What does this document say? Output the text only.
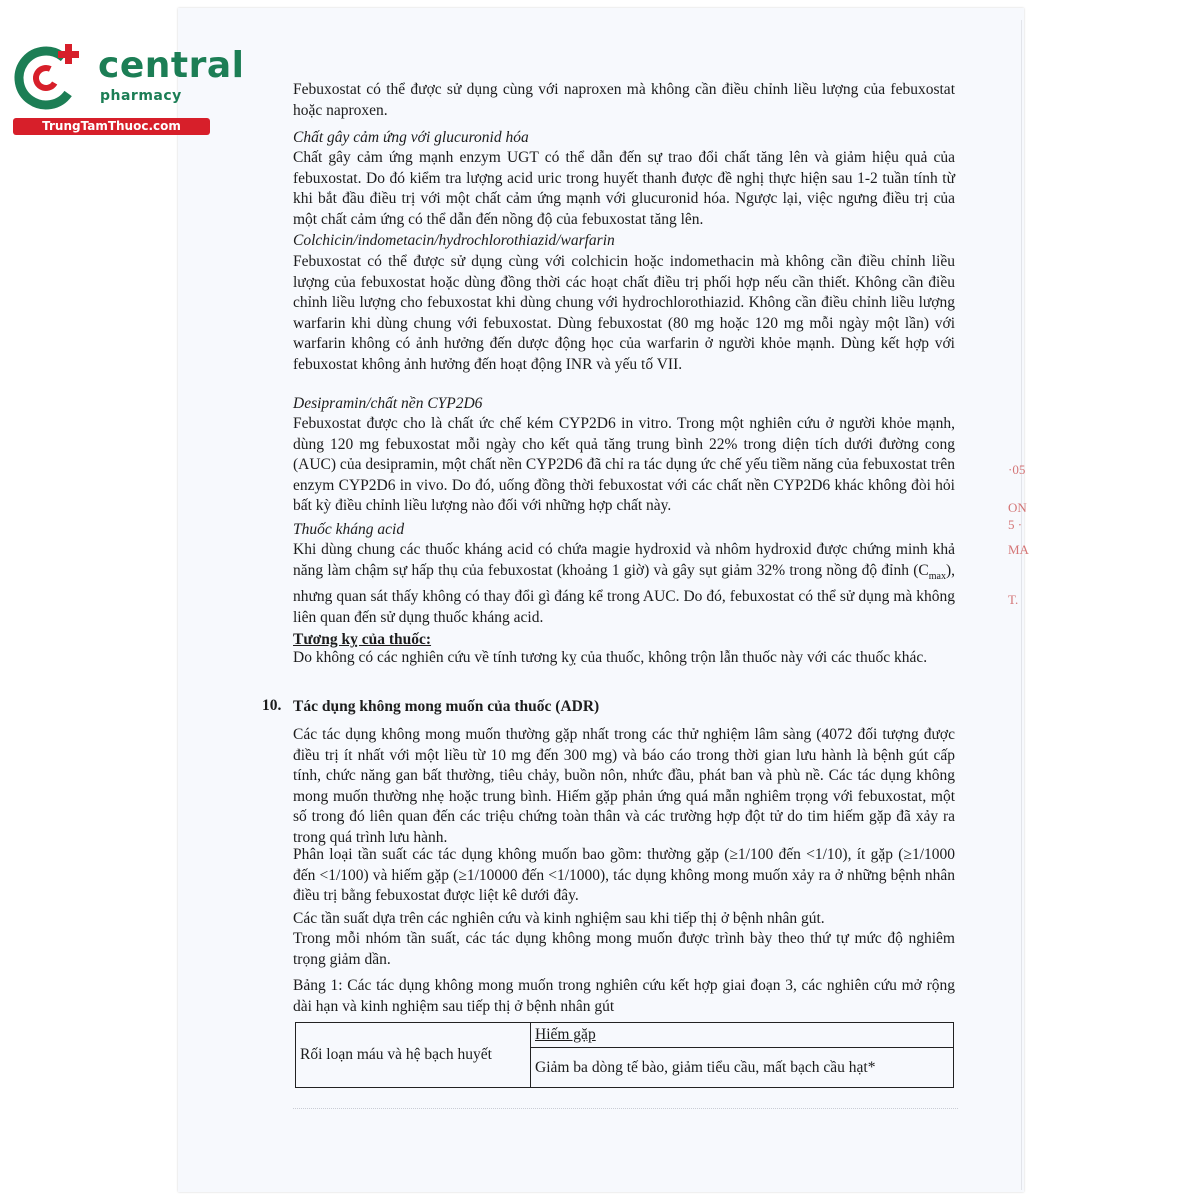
central
pharmacy
TrungTamThuoc.com
Febuxostat có thể được sử dụng cùng với naproxen mà không cần điều chỉnh liều lượng của febuxostat hoặc naproxen.
Chất gây cảm ứng với glucuronid hóa
Chất gây cảm ứng mạnh enzym UGT có thể dẫn đến sự trao đổi chất tăng lên và giảm hiệu quả của febuxostat. Do đó kiểm tra lượng acid uric trong huyết thanh được đề nghị thực hiện sau 1-2 tuần tính từ khi bắt đầu điều trị với một chất cảm ứng mạnh với glucuronid hóa. Ngược lại, việc ngưng điều trị của một chất cảm ứng có thể dẫn đến nồng độ của febuxostat tăng lên.
Colchicin/indometacin/hydrochlorothiazid/warfarin
Febuxostat có thể được sử dụng cùng với colchicin hoặc indomethacin mà không cần điều chỉnh liều lượng của febuxostat hoặc dùng đồng thời các hoạt chất điều trị phối hợp nếu cần thiết. Không cần điều chỉnh liều lượng cho febuxostat khi dùng chung với hydrochlorothiazid. Không cần điều chỉnh liều lượng warfarin khi dùng chung với febuxostat. Dùng febuxostat (80 mg hoặc 120 mg mỗi ngày một lần) với warfarin không có ảnh hưởng đến dược động học của warfarin ở người khỏe mạnh. Dùng kết hợp với febuxostat không ảnh hưởng đến hoạt động INR và yếu tố VII.
Desipramin/chất nền CYP2D6
Febuxostat được cho là chất ức chế kém CYP2D6 in vitro. Trong một nghiên cứu ở người khỏe mạnh, dùng 120 mg febuxostat mỗi ngày cho kết quả tăng trung bình 22% trong diện tích dưới đường cong (AUC) của desipramin, một chất nền CYP2D6 đã chỉ ra tác dụng ức chế yếu tiềm năng của febuxostat trên enzym CYP2D6 in vivo. Do đó, uống đồng thời febuxostat với các chất nền CYP2D6 khác không đòi hỏi bất kỳ điều chỉnh liều lượng nào đối với những hợp chất này.
Thuốc kháng acid
Khi dùng chung các thuốc kháng acid có chứa magie hydroxid và nhôm hydroxid được chứng minh khả năng làm chậm sự hấp thụ của febuxostat (khoảng 1 giờ) và gây sụt giảm 32% trong nồng độ đỉnh $(C_{max})$, nhưng quan sát thấy không có thay đổi gì đáng kể trong AUC. Do đó, febuxostat có thể sử dụng mà không liên quan đến sử dụng thuốc kháng acid.
Tương kỵ của thuốc:
Do không có các nghiên cứu về tính tương kỵ của thuốc, không trộn lẫn thuốc này với các thuốc khác.
10. Tác dụng không mong muốn của thuốc (ADR)
Các tác dụng không mong muốn thường gặp nhất trong các thử nghiệm lâm sàng (4072 đối tượng được điều trị ít nhất với một liều từ 10 mg đến 300 mg) và báo cáo trong thời gian lưu hành là bệnh gút cấp tính, chức năng gan bất thường, tiêu chảy, buồn nôn, nhức đầu, phát ban và phù nề. Các tác dụng không mong muốn thường nhẹ hoặc trung bình. Hiếm gặp phản ứng quá mẫn nghiêm trọng với febuxostat, một số trong đó liên quan đến các triệu chứng toàn thân và các trường hợp đột tử do tim hiếm gặp đã xảy ra trong quá trình lưu hành.
Phân loại tần suất các tác dụng không muốn bao gồm: thường gặp (≥1/100 đến <1/10), ít gặp (≥1/1000 đến <1/100) và hiếm gặp (≥1/10000 đến <1/1000), tác dụng không mong muốn xảy ra ở những bệnh nhân điều trị bằng febuxostat được liệt kê dưới đây.
Các tần suất dựa trên các nghiên cứu và kinh nghiệm sau khi tiếp thị ở bệnh nhân gút.
Trong mỗi nhóm tần suất, các tác dụng không mong muốn được trình bày theo thứ tự mức độ nghiêm trọng giảm dần.
Bảng 1: Các tác dụng không mong muốn trong nghiên cứu kết hợp giai đoạn 3, các nghiên cứu mở rộng dài hạn và kinh nghiệm sau tiếp thị ở bệnh nhân gút
Rối loạn máu và hệ bạch huyết	Hiếm gặp
Giảm ba dòng tế bào, giảm tiểu cầu, mất bạch cầu hạt*
·05
ON
5 ·
MA
T.
